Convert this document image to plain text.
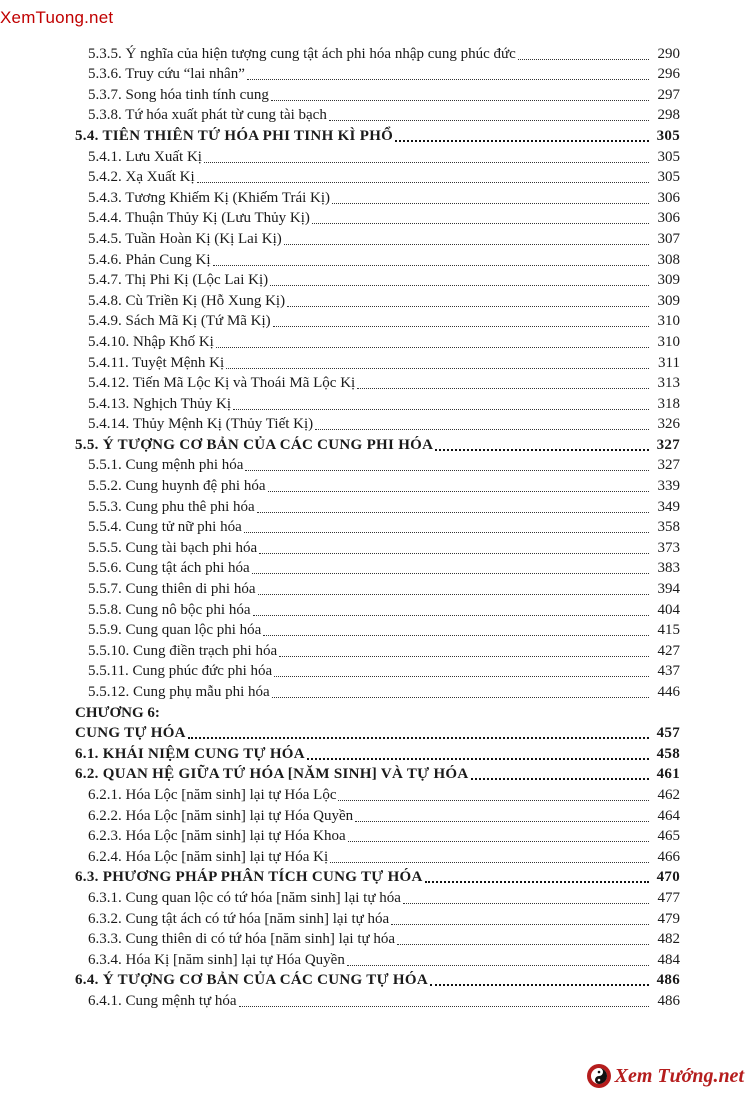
XemTuong.net
5.3.5. Ý nghĩa của hiện tượng cung tật ách phi hóa nhập cung phúc đức	290
5.3.6. Truy cứu “lai nhân”	296
5.3.7. Song hóa tinh tính cung	297
5.3.8. Tứ hóa xuất phát từ cung tài bạch	298
5.4. TIÊN THIÊN TỨ HÓA PHI TINH KÌ PHỔ	305
5.4.1. Lưu Xuất Kị	305
5.4.2. Xạ Xuất Kị	305
5.4.3. Tương Khiếm Kị (Khiếm Trái Kị)	306
5.4.4. Thuận Thủy Kị (Lưu Thủy Kị)	306
5.4.5. Tuần Hoàn Kị (Kị Lai Kị)	307
5.4.6. Phản Cung Kị	308
5.4.7. Thị Phi Kị (Lộc Lai Kị)	309
5.4.8. Cù Triền Kị (Hỗ Xung Kị)	309
5.4.9. Sách Mã Kị (Tứ Mã Kị)	310
5.4.10. Nhập Khố Kị	310
5.4.11. Tuyệt Mệnh Kị	311
5.4.12. Tiến Mã Lộc Kị và Thoái Mã Lộc Kị	313
5.4.13. Nghịch Thủy Kị	318
5.4.14. Thủy Mệnh Kị (Thủy Tiết Kị)	326
5.5. Ý TƯỢNG CƠ BẢN CỦA CÁC CUNG PHI HÓA	327
5.5.1. Cung mệnh phi hóa	327
5.5.2. Cung huynh đệ phi hóa	339
5.5.3. Cung phu thê phi hóa	349
5.5.4. Cung tử nữ phi hóa	358
5.5.5. Cung tài bạch phi hóa	373
5.5.6. Cung tật ách phi hóa	383
5.5.7. Cung thiên di phi hóa	394
5.5.8. Cung nô bộc phi hóa	404
5.5.9. Cung quan lộc phi hóa	415
5.5.10. Cung điền trạch phi hóa	427
5.5.11. Cung phúc đức phi hóa	437
5.5.12. Cung phụ mẫu phi hóa	446
CHƯƠNG 6:
CUNG TỰ HÓA	457
6.1. KHÁI NIỆM CUNG TỰ HÓA	458
6.2. QUAN HỆ GIỮA TỨ HÓA [NĂM SINH] VÀ TỰ HÓA	461
6.2.1. Hóa Lộc [năm sinh] lại tự Hóa Lộc	462
6.2.2. Hóa Lộc [năm sinh] lại tự Hóa Quyền	464
6.2.3. Hóa Lộc [năm sinh] lại tự Hóa Khoa	465
6.2.4. Hóa Lộc [năm sinh] lại tự Hóa Kị	466
6.3. PHƯƠNG PHÁP PHÂN TÍCH CUNG TỰ HÓA	470
6.3.1. Cung quan lộc có tứ hóa [năm sinh] lại tự hóa	477
6.3.2. Cung tật ách có tứ hóa [năm sinh] lại tự hóa	479
6.3.3. Cung thiên di có tứ hóa [năm sinh] lại tự hóa	482
6.3.4. Hóa Kị [năm sinh] lại tự Hóa Quyền	484
6.4. Ý TƯỢNG CƠ BẢN CỦA CÁC CUNG TỰ HÓA	486
6.4.1. Cung mệnh tự hóa	486
Xem Tướng.net
